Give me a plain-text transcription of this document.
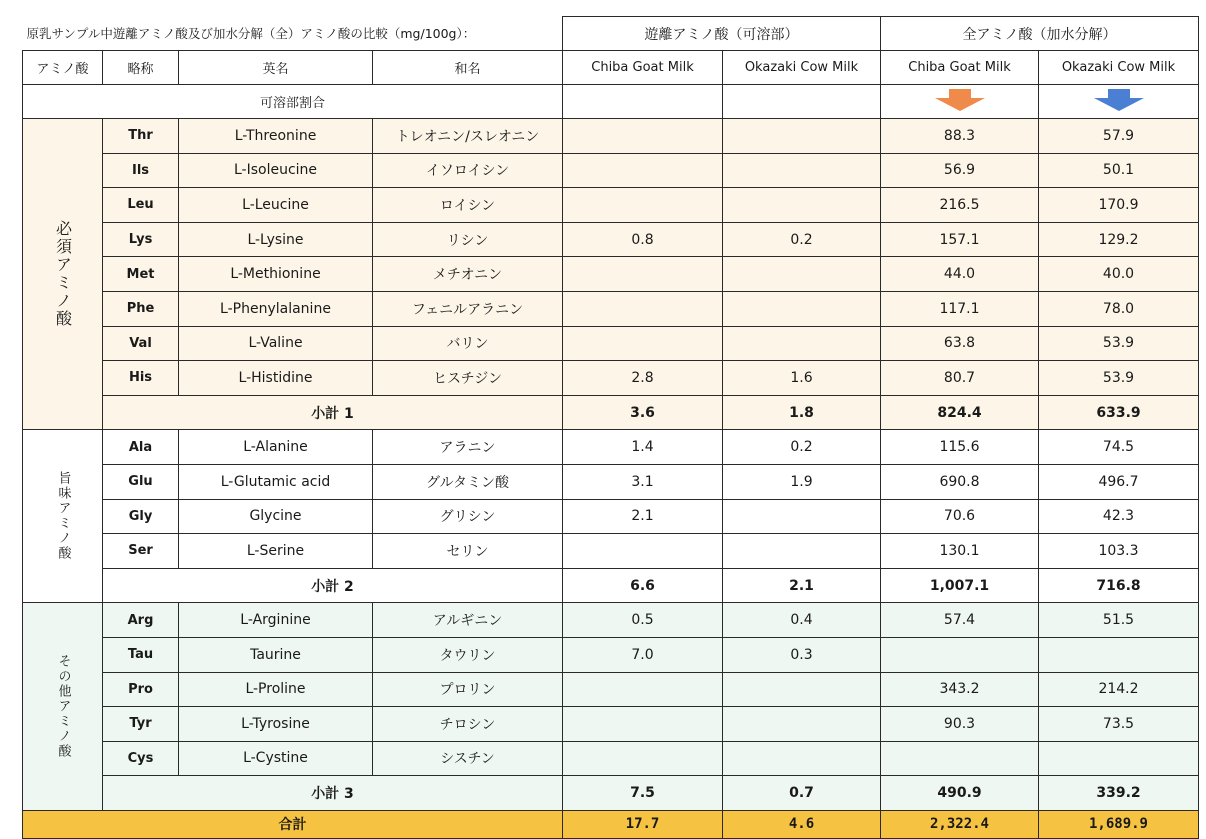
原乳サンプル中遊離アミノ酸及び加水分解（全）アミノ酸の比較（mg/100g）：				遊離アミノ酸（可溶部）		全アミノ酸（加水分解）	
アミノ酸	略称	英名	和名	Chiba Goat Milk	Okazaki Cow Milk	Chiba Goat Milk	Okazaki Cow Milk
可溶部割合				

必須アミノ酸	Thr	L-Threonine	トレオニン/スレオニン			88.3	57.9
	Ils	L-Isoleucine	イソロイシン			56.9	50.1
	Leu	L-Leucine	ロイシン			216.5	170.9
	Lys	L-Lysine	リシン	0.8	0.2	157.1	129.2
	Met	L-Methionine	メチオニン			44.0	40.0
	Phe	L-Phenylalanine	フェニルアラニン			117.1	78.0
	Val	L-Valine	バリン			63.8	53.9
	His	L-Histidine	ヒスチジン	2.8	1.6	80.7	53.9
	小計 1			3.6	1.8	824.4	633.9

旨味アミノ酸	Ala	L-Alanine	アラニン	1.4	0.2	115.6	74.5
	Glu	L-Glutamic acid	グルタミン酸	3.1	1.9	690.8	496.7
	Gly	Glycine	グリシン	2.1		70.6	42.3
	Ser	L-Serine	セリン			130.1	103.3
	小計 2			6.6	2.1	1,007.1	716.8

その他アミノ酸	Arg	L-Arginine	アルギニン	0.5	0.4	57.4	51.5
	Tau	Taurine	タウリン	7.0	0.3		
	Pro	L-Proline	プロリン			343.2	214.2
	Tyr	L-Tyrosine	チロシン			90.3	73.5
	Cys	L-Cystine	シスチン				
	小計 3			7.5	0.7	490.9	339.2
合計				17.7	4.6	2,322.4	1,689.9
